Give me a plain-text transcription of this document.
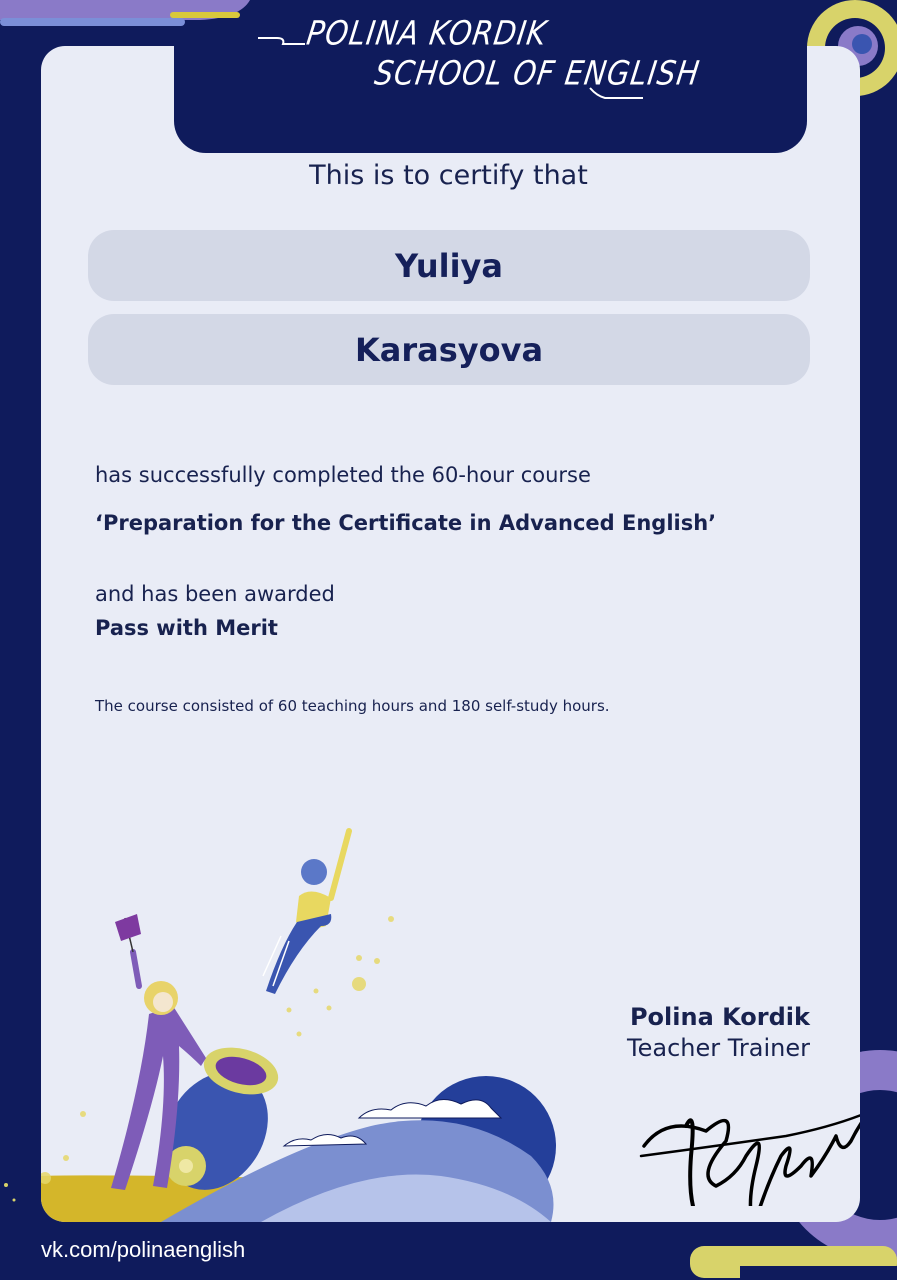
POLINA KORDIK
SCHOOL OF ENGLISH
This is to certify that
Yuliya
Karasyova
has successfully completed the 60-hour course
‘Preparation for the Certificate in Advanced English’
and has been awarded
Pass with Merit
The course consisted of 60 teaching hours and 180 self-study hours.
Polina Kordik
Teacher Trainer
vk.com/polinaenglish
